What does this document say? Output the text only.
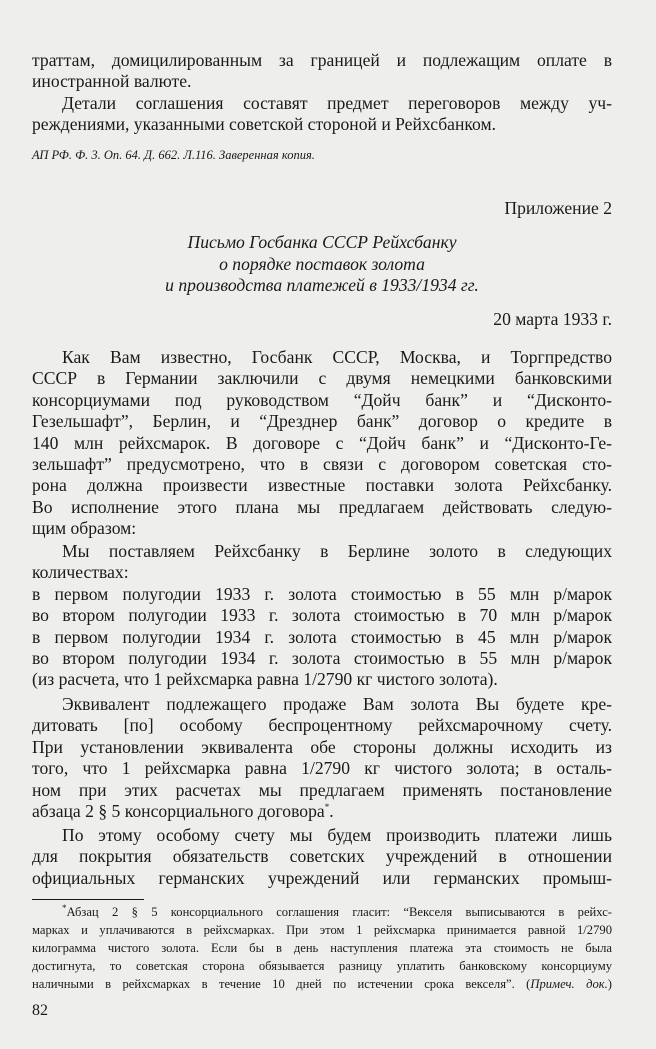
траттам, домицилированным за границей и подлежащим оплате в
иностранной валюте.
Детали соглашения составят предмет переговоров между уч-
реждениями, указанными советской стороной и Рейхсбанком.
АП РФ. Ф. 3. Оп. 64. Д. 662. Л.116. Заверенная копия.
Приложение 2
Письмо Госбанка СССР Рейхсбанку
о порядке поставок золота
и производства платежей в 1933/1934 гг.
20 марта 1933 г.
Как Вам известно, Госбанк СССР, Москва, и Торгпредство
СССР в Германии заключили с двумя немецкими банковскими
консорциумами под руководством “Дойч банк” и “Дисконто-
Гезельшафт”, Берлин, и “Дрезднер банк” договор о кредите в
140 млн рейхсмарок. В договоре с “Дойч банк” и “Дисконто-Ге-
зельшафт” предусмотрено, что в связи с договором советская сто-
рона должна произвести известные поставки золота Рейхсбанку.
Во исполнение этого плана мы предлагаем действовать следую-
щим образом:
Мы поставляем Рейхсбанку в Берлине золото в следующих
количествах:
в первом полугодии 1933 г. золота стоимостью в 55 млн р/марок
во втором полугодии 1933 г. золота стоимостью в 70 млн р/марок
в первом полугодии 1934 г. золота стоимостью в 45 млн р/марок
во втором полугодии 1934 г. золота стоимостью в 55 млн р/марок
(из расчета, что 1 рейхсмарка равна 1/2790 кг чистого золота).
Эквивалент подлежащего продаже Вам золота Вы будете кре-
дитовать [по] особому беспроцентному рейхсмарочному счету.
При установлении эквивалента обе стороны должны исходить из
того, что 1 рейхсмарка равна 1/2790 кг чистого золота; в осталь-
ном при этих расчетах мы предлагаем применять постановление
абзаца 2 § 5 консорциального договора*.
По этому особому счету мы будем производить платежи лишь
для покрытия обязательств советских учреждений в отношении
официальных германских учреждений или германских промыш-
*Абзац 2 § 5 консорциального соглашения гласит: “Векселя выписываются в рейхс-
марках и уплачиваются в рейхсмарках. При этом 1 рейхсмарка принимается равной 1/2790
килограмма чистого золота. Если бы в день наступления платежа эта стоимость не была
достигнута, то советская сторона обязывается разницу уплатить банковскому консорциуму
наличными в рейхсмарках в течение 10 дней по истечении срока векселя”. (Примеч. док.)
82
